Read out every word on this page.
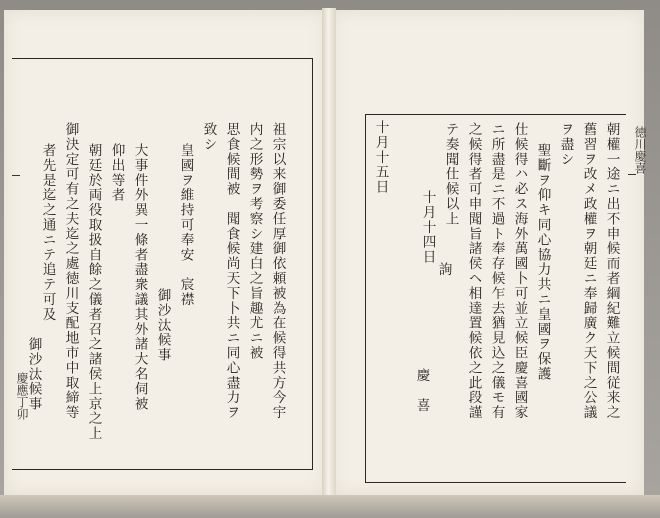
慶應丁卯	祖宗以来御委任厚御依頼被為在候得共方今宇
内之形勢ヲ考察シ建白之旨趣尤ニ被
思食候間被　聞食候尚天下卜共ニ同心盡力ヲ
致シ
皇國ヲ維持可奉安　宸襟
御沙汰候事
大事件外異一條者盡衆議其外諸大名伺被
仰出等者
朝廷於両役取扱自餘之儀者召之諸侯上京之上
御決定可有之夫迄之處徳川支配地市中取締等
者先是迄之通ニテ追テ可及
御沙汰候事
徳川慶喜
朝權一途ニ出不申候而者綱紀難立候間従来之
舊習ヲ改メ政權ヲ朝廷ニ奉歸廣ク天下之公議
ヲ盡シ
聖斷ヲ仰キ同心協力共ニ皇國ヲ保護
仕候得ハ必ス海外萬國卜可並立候臣慶喜國家
ニ所盡是ニ不過ト奉存候乍去猶見込之儀モ有
之候得者可申聞旨諸侯ヘ相達置候依之此段謹
テ奏聞仕候以上
十月十四日
詢
慶　喜
十月十五日
